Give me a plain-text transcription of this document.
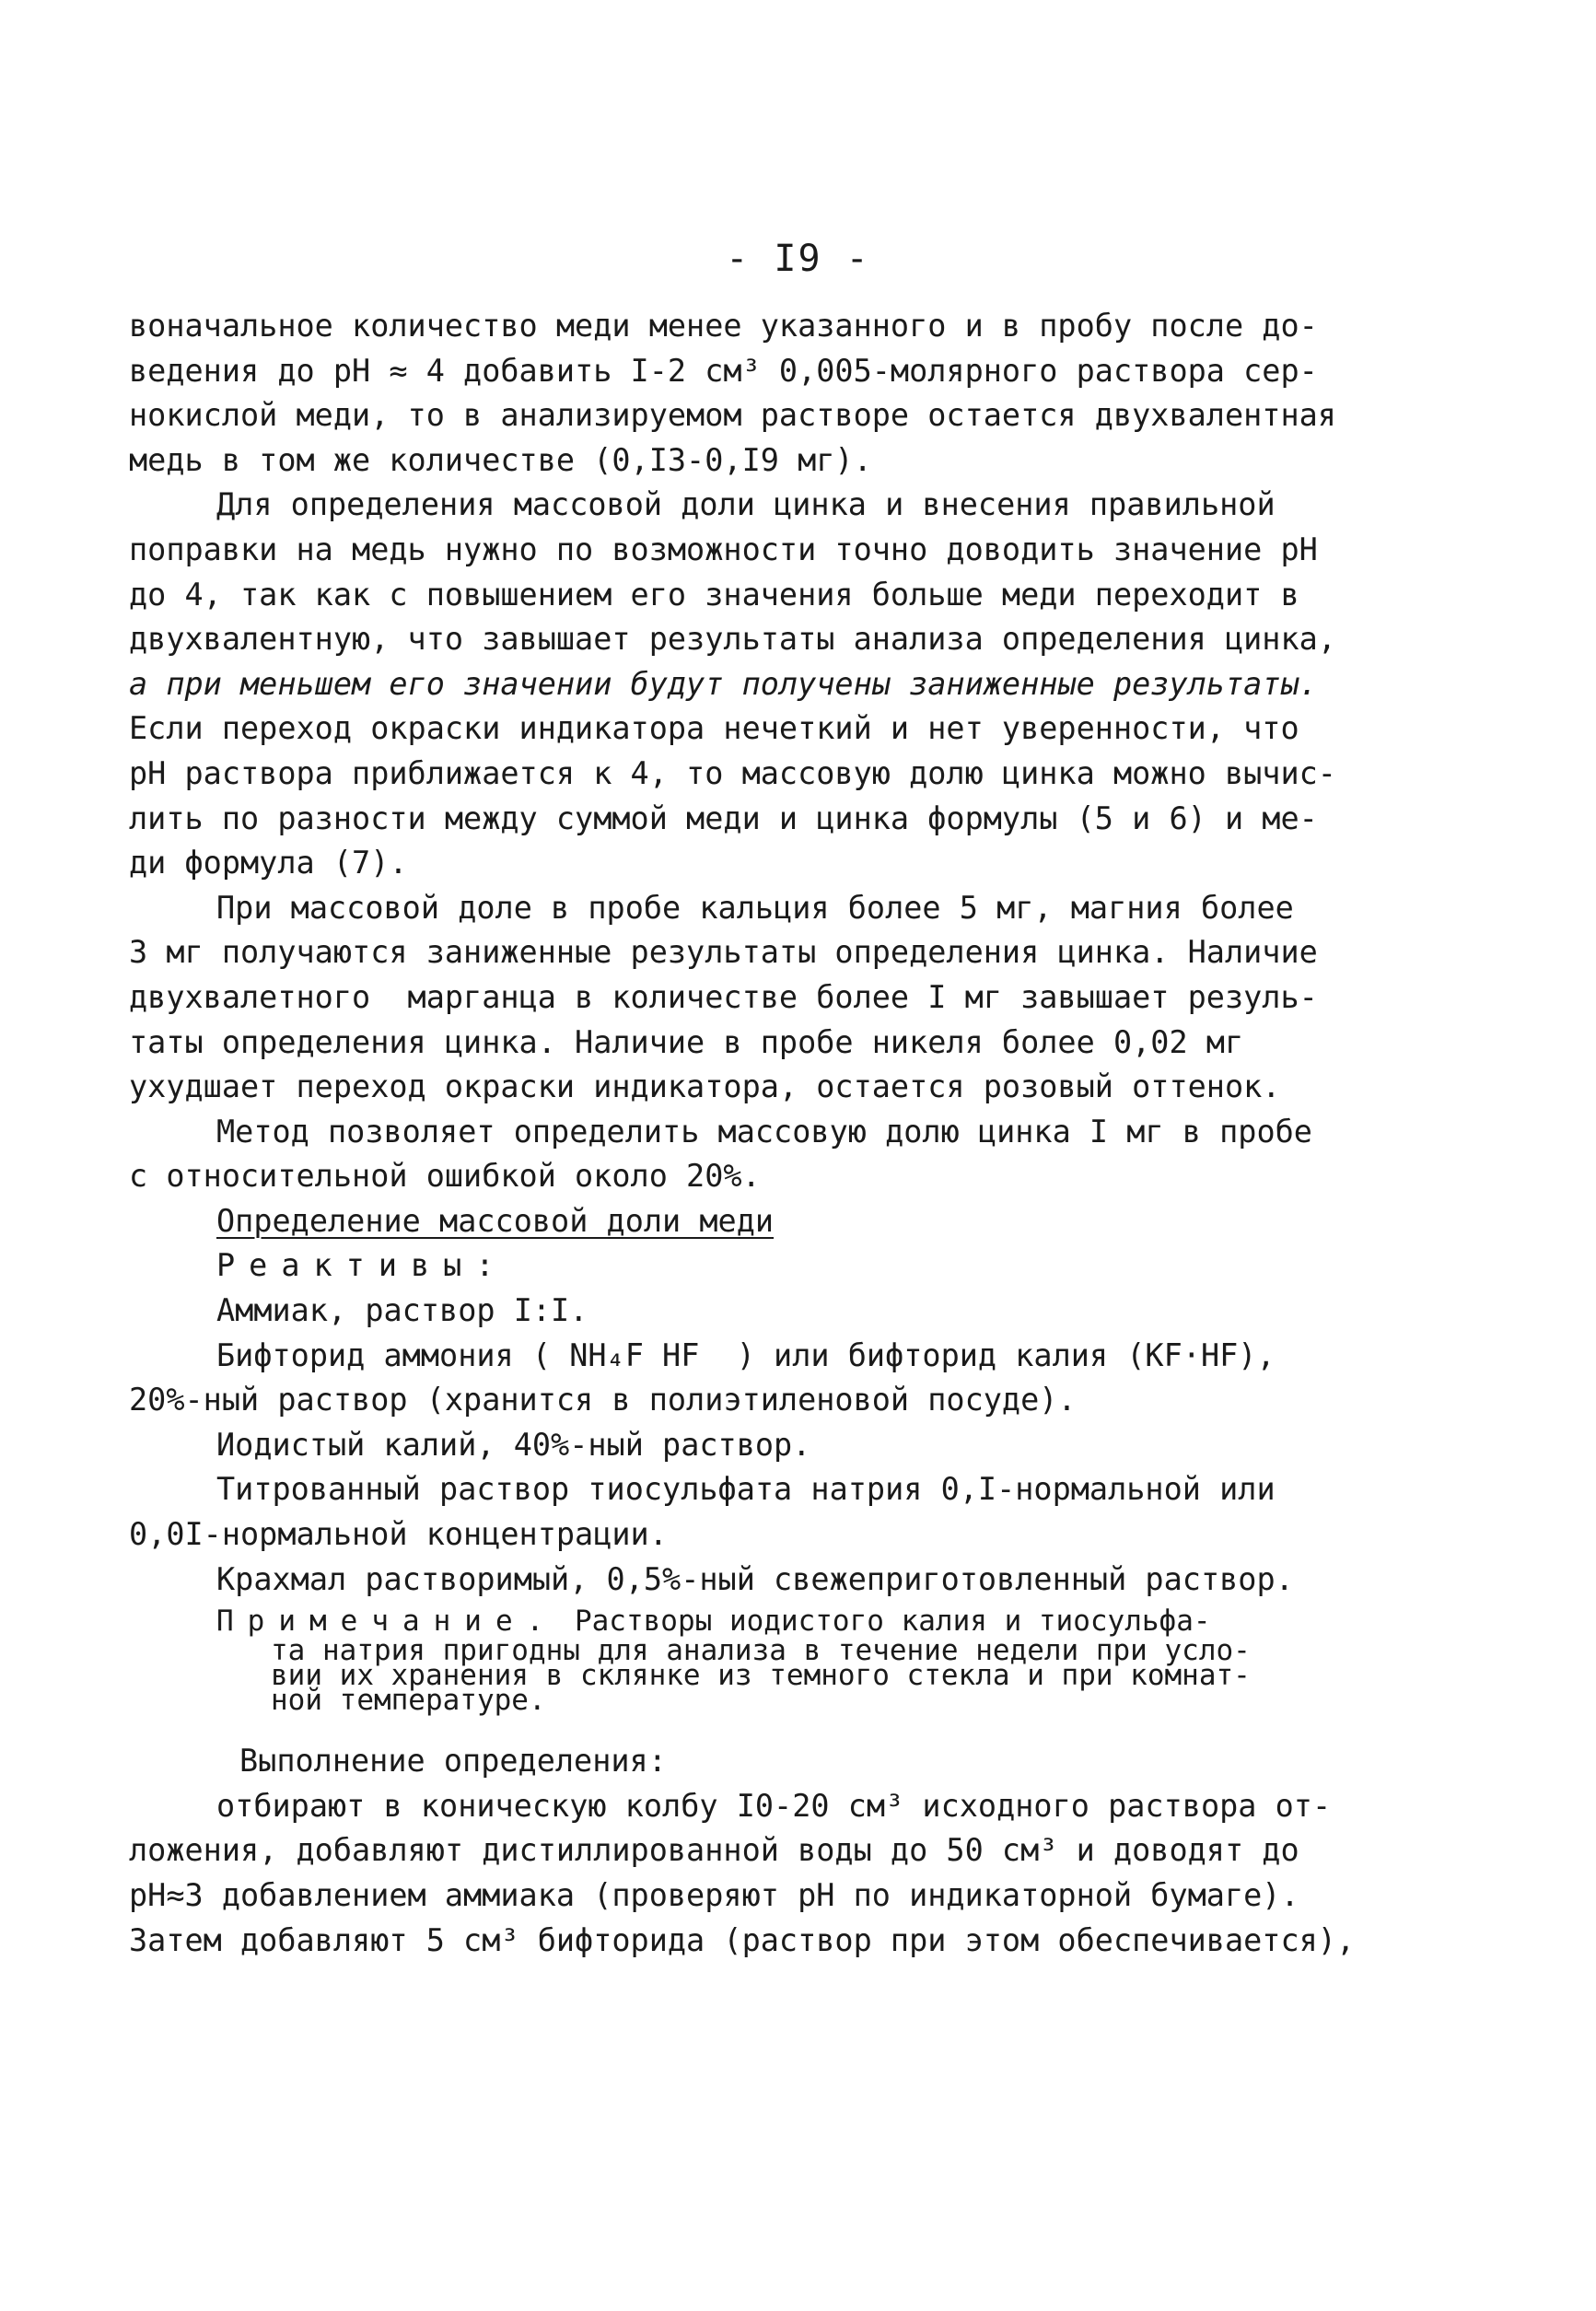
- I9 -
вонaчальное количество меди менее указанного и в пробу после до-
ведения до pH ≈ 4 добавить I-2 см³ 0,005-молярного раствора сер-
нокислой меди, то в анализируемом растворе остается двухвалентная
медь в том же количестве (0,I3-0,I9 мг).
Для определения массовой доли цинка и внесения правильной
поправки на медь нужно по возможности точно доводить значение pH
до 4, так как с повышением его значения больше меди переходит в
двухвалентную, что завышает результаты анализа определения цинка,
а при меньшем его значении будут получены заниженные результаты.
Если переход окраски индикатора нечеткий и нет уверенности, что
pH раствора приближается к 4, то массовую долю цинка можно вычис-
лить по разности между суммой меди и цинка формулы (5 и 6) и ме-
ди формула (7).
При массовой доле в пробе кальция более 5 мг, магния более
3 мг получаются заниженные результаты определения цинка. Наличие
двухвалетного  марганца в количестве более I мг завышает резуль-
таты определения цинка. Наличие в пробе никеля более 0,02 мг
ухудшает переход окраски индикатора, остается розовый оттенок.
Метод позволяет определить массовую долю цинка I мг в пробе
с относительной ошибкой около 20%.
Определение массовой доли меди
Реактивы:
Аммиак, раствор I:I.
Бифторид аммония ( NH₄F HF  ) или бифторид калия (KF·HF),
20%-ный раствор (хранится в полиэтиленовой посуде).
Иодистый калий, 40%-ный раствор.
Титрованный раствор тиосульфата натрия 0,I-нормальной или
0,0I-нормальной концентрации.
Крахмал растворимый, 0,5%-ный свежеприготовленный раствор.
Примечание. Растворы иодистого калия и тиосульфа-
та натрия пригодны для анализа в течение недели при усло-
вии их хранения в склянке из темного стекла и при комнат-
ной температуре.
Выполнение определения:
отбирают в коническую колбу I0-20 см³ исходного раствора от-
ложения, добавляют дистиллированной воды до 50 см³ и доводят до
pH≈3 добавлением аммиака (проверяют pH по индикаторной бумаге).
Затем добавляют 5 см³ бифторида (раствор при этом обеспечивается),
